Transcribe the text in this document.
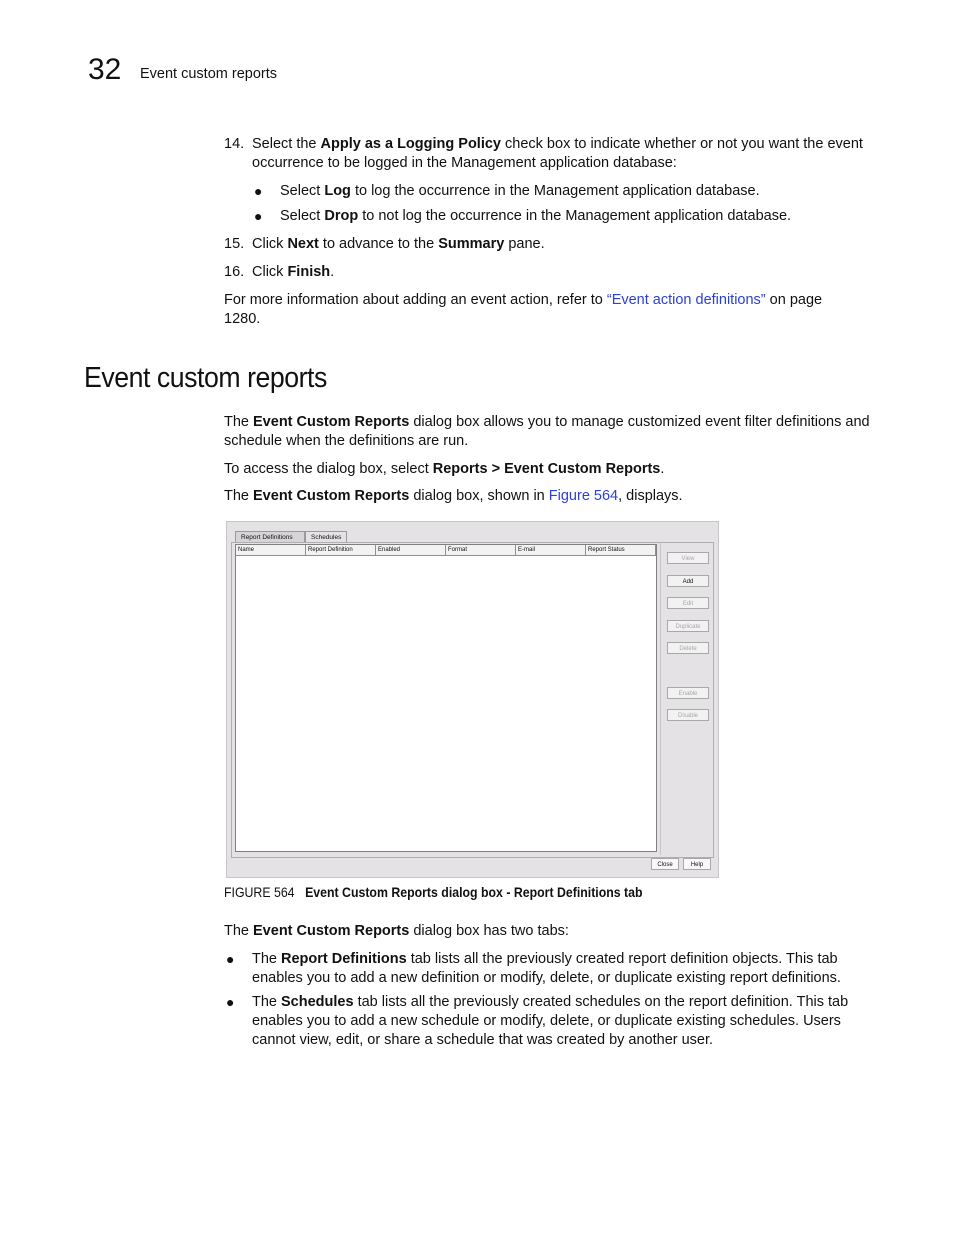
32 Event custom reports
14. Select the Apply as a Logging Policy check box to indicate whether or not you want the event occurrence to be logged in the Management application database:
● Select Log to log the occurrence in the Management application database.
● Select Drop to not log the occurrence in the Management application database.
15. Click Next to advance to the Summary pane.
16. Click Finish.
For more information about adding an event action, refer to “Event action definitions” on page 1280.
Event custom reports
The Event Custom Reports dialog box allows you to manage customized event filter definitions and schedule when the definitions are run.
To access the dialog box, select Reports > Event Custom Reports.
The Event Custom Reports dialog box, shown in Figure 564, displays.
Report Definitions	Schedules
Name	Report Definition	Enabled	Format	E-mail	Report Status
View
Add
Edit
Duplicate
Delete
Enable
Disable
Close	Help
FIGURE 564 Event Custom Reports dialog box - Report Definitions tab
The Event Custom Reports dialog box has two tabs:
● The Report Definitions tab lists all the previously created report definition objects. This tab enables you to add a new definition or modify, delete, or duplicate existing report definitions.
● The Schedules tab lists all the previously created schedules on the report definition. This tab enables you to add a new schedule or modify, delete, or duplicate existing schedules. Users cannot view, edit, or share a schedule that was created by another user.
